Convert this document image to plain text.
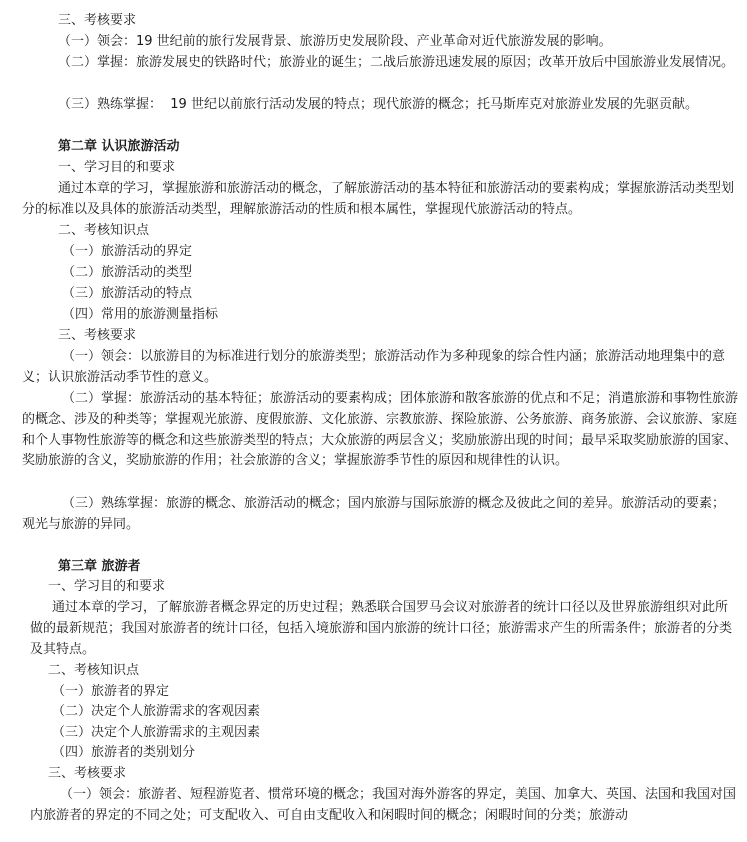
三、考核要求
（一）领会：19 世纪前的旅行发展背景、旅游历史发展阶段、产业革命对近代旅游发展的影响。
（二）掌握：旅游发展史的铁路时代；旅游业的诞生；二战后旅游迅速发展的原因；改革开放后中国旅游业发展情况。
（三）熟练掌握：  19 世纪以前旅行活动发展的特点；现代旅游的概念；托马斯库克对旅游业发展的先驱贡献。
第二章 认识旅游活动
一、学习目的和要求
通过本章的学习，掌握旅游和旅游活动的概念，了解旅游活动的基本特征和旅游活动的要素构成；掌握旅游活动类型划分的标准以及具体的旅游活动类型，理解旅游活动的性质和根本属性，掌握现代旅游活动的特点。
二、考核知识点
（一）旅游活动的界定
（二）旅游活动的类型
（三）旅游活动的特点
（四）常用的旅游测量指标
三、考核要求
（一）领会：以旅游目的为标准进行划分的旅游类型；旅游活动作为多种现象的综合性内涵；旅游活动地理集中的意义；认识旅游活动季节性的意义。
（二）掌握：旅游活动的基本特征；旅游活动的要素构成；团体旅游和散客旅游的优点和不足；消遣旅游和事物性旅游的概念、涉及的种类等；掌握观光旅游、度假旅游、文化旅游、宗教旅游、探险旅游、公务旅游、商务旅游、会议旅游、家庭和个人事物性旅游等的概念和这些旅游类型的特点；大众旅游的两层含义；奖励旅游出现的时间；最早采取奖励旅游的国家、奖励旅游的含义，奖励旅游的作用；社会旅游的含义；掌握旅游季节性的原因和规律性的认识。
（三）熟练掌握：旅游的概念、旅游活动的概念；国内旅游与国际旅游的概念及彼此之间的差异。旅游活动的要素；  观光与旅游的异同。
第三章 旅游者
一、学习目的和要求
通过本章的学习，了解旅游者概念界定的历史过程；熟悉联合国罗马会议对旅游者的统计口径以及世界旅游组织对此所做的最新规范；我国对旅游者的统计口径，包括入境旅游和国内旅游的统计口径；旅游需求产生的所需条件；旅游者的分类及其特点。
二、考核知识点
（一）旅游者的界定
（二）决定个人旅游需求的客观因素
（三）决定个人旅游需求的主观因素
（四）旅游者的类别划分
三、考核要求
（一）领会：旅游者、短程游览者、惯常环境的概念；我国对海外游客的界定，美国、加拿大、英国、法国和我国对国内旅游者的界定的不同之处；可支配收入、可自由支配收入和闲暇时间的概念；闲暇时间的分类；旅游动
